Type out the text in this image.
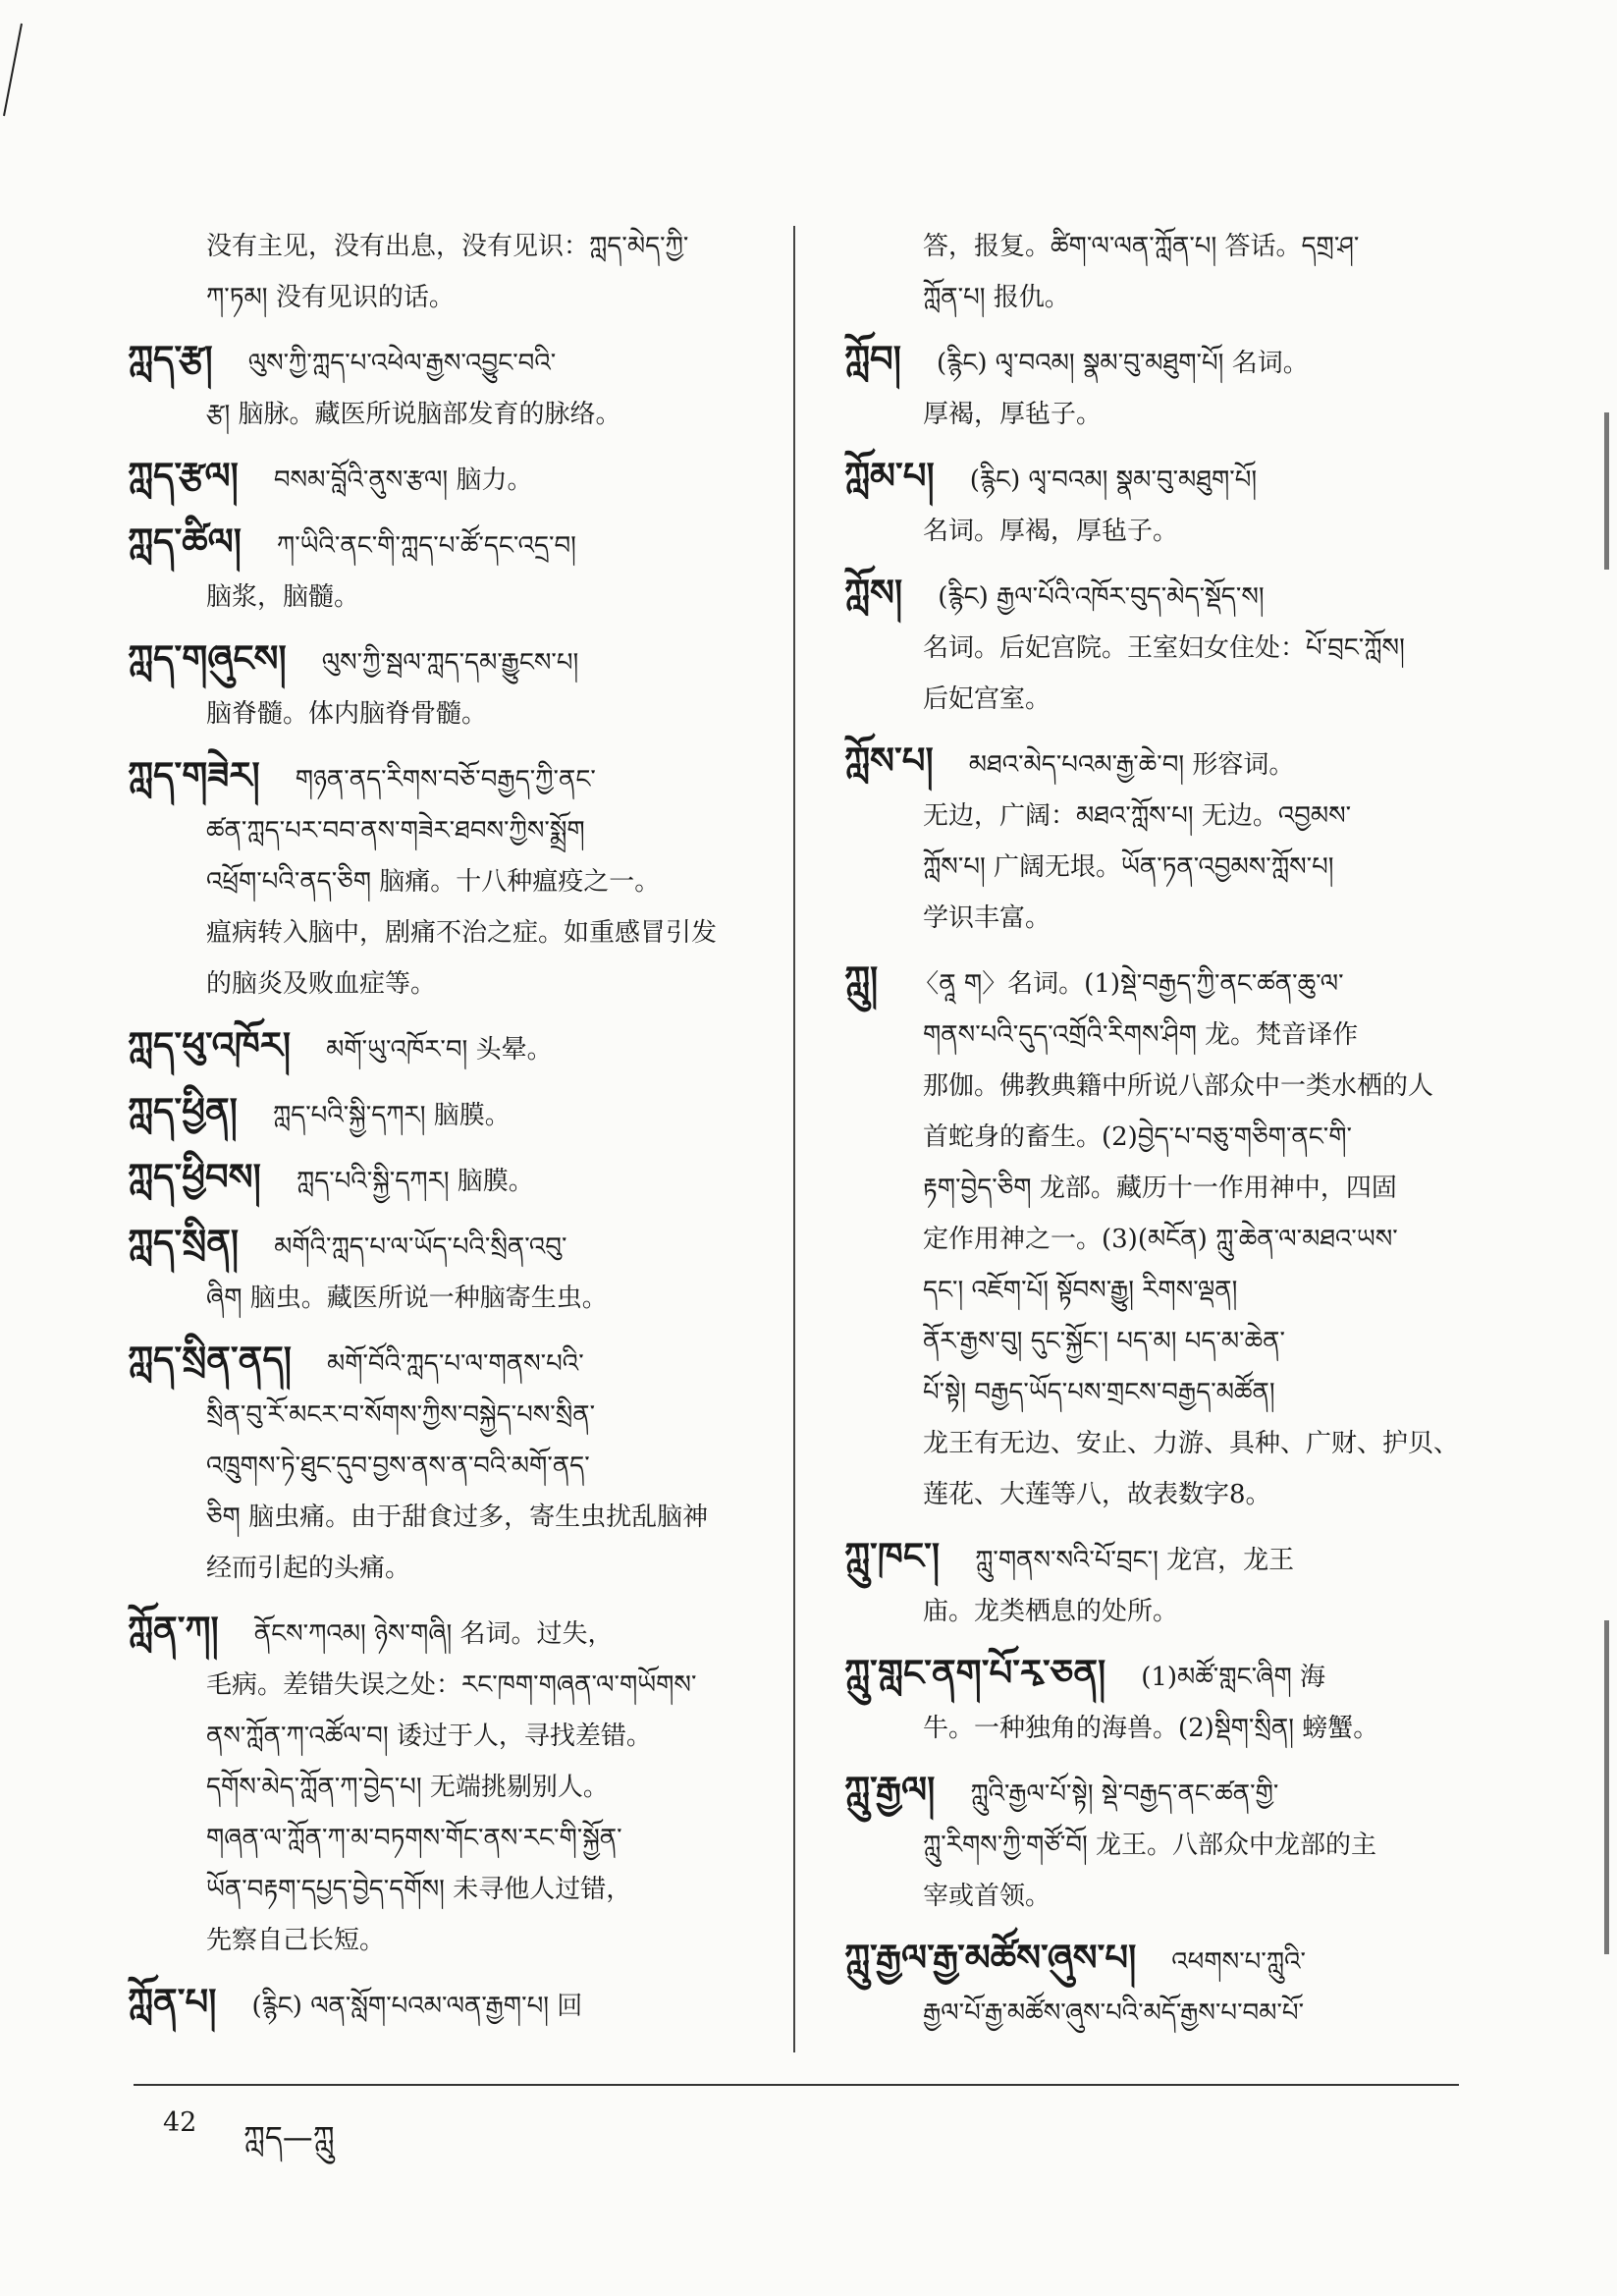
没有主见，没有出息，没有见识：ཀླད་མེད་ཀྱི་
ཀ་ཏམ། 没有见识的话。
ཀླད་རྩ། ལུས་ཀྱི་ཀླད་པ་འཕེལ་རྒྱས་འབྱུང་བའི་
རྩ། 脑脉。藏医所说脑部发育的脉络。
ཀླད་རྩལ། བསམ་བློའི་ནུས་རྩལ། 脑力。
ཀླད་ཚིལ། ཀ་ཡིའི་ནང་གི་ཀླད་པ་ཚོ་དང་འདྲ་བ།
脑浆，脑髓。
ཀླད་གཞུངས། ལུས་ཀྱི་སྦལ་ཀླད་དམ་རྒྱུངས་པ།
脑脊髓。体内脑脊骨髓。
ཀླད་གཟེར། གཉན་ནད་རིགས་བཅོ་བརྒྱད་ཀྱི་ནང་
ཚན་ཀླད་པར་བབ་ནས་གཟེར་ཐབས་ཀྱིས་སྨྲོག
འཕྲོག་པའི་ནད་ཅིག 脑痛。十八种瘟疫之一。
瘟病转入脑中，剧痛不治之症。如重感冒引发
的脑炎及败血症等。
ཀླད་ཕུ་འཁོར། མགོ་ཡུ་འཁོར་བ། 头晕。
ཀླད་ཕྱིན། ཀླད་པའི་སྐྱི་དཀར། 脑膜。
ཀླད་ཕྱིབས། ཀླད་པའི་སྐྱི་དཀར། 脑膜。
ཀླད་སྲིན། མགོའི་ཀླད་པ་ལ་ཡོད་པའི་སྲིན་འབུ་
ཞིག 脑虫。藏医所说一种脑寄生虫。
ཀླད་སྲིན་ནད། མགོ་བོའི་ཀླད་པ་ལ་གནས་པའི་
སྲིན་བུ་རོ་མངར་བ་སོགས་ཀྱིས་བསྐྱེད་པས་སྲིན་
འཁྲུགས་ཏེ་ཐུང་དུབ་བྱས་ནས་ན་བའི་མགོ་ནད་
ཅིག 脑虫痛。由于甜食过多，寄生虫扰乱脑神
经而引起的头痛。
ཀློན་ཀ། ནོངས་ཀའམ། ཉེས་གཞི། 名词。过失，
毛病。差错失误之处：རང་ཁག་གཞན་ལ་གཡོགས་
ནས་ཀློན་ཀ་འཚོལ་བ། 诿过于人，寻找差错。
དགོས་མེད་ཀློན་ཀ་བྱེད་པ། 无端挑剔别人。
གཞན་ལ་ཀློན་ཀ་མ་བཏགས་གོང་ནས་རང་གི་སྐྱོན་
ཡོན་བརྟག་དཔྱད་བྱེད་དགོས། 未寻他人过错，
先察自己长短。
ཀློན་པ། (རྙིང) ལན་སློག་པའམ་ལན་རྒྱག་པ། 回
答，报复。ཚིག་ལ་ལན་ཀློན་པ། 答话。དགྲ་ཤ་
ཀློན་པ། 报仇。
ཀློབ། (རྙིང) ལྭ་བའམ། སྣམ་བུ་མཐུག་པོ། 名词。
厚褐，厚毡子。
ཀློམ་པ། (རྙིང) ལྭ་བའམ། སྣམ་བུ་མཐུག་པོ།
名词。厚褐，厚毡子。
ཀློས། (རྙིང) རྒྱལ་པོའི་འཁོར་བུད་མེད་སྡོད་ས།
名词。后妃宫院。王室妇女住处：པོ་བྲང་ཀློས།
后妃宫室。
ཀློས་པ། མཐའ་མེད་པའམ་རྒྱ་ཆེ་བ། 形容词。
无边，广阔：མཐའ་ཀློས་པ། 无边。འབྱམས་
ཀློས་པ། 广阔无垠。ཡོན་ཏན་འབྱམས་ཀློས་པ།
学识丰富。
ཀླུ། 〈ནཱ ག〉名词。(1)སྡེ་བརྒྱད་ཀྱི་ནང་ཚན་ཆུ་ལ་
གནས་པའི་དུད་འགྲོའི་རིགས་ཤིག 龙。梵音译作
那伽。佛教典籍中所说八部众中一类水栖的人
首蛇身的畜生。(2)བྱེད་པ་བཅུ་གཅིག་ནང་གི་
རྟག་བྱེད་ཅིག 龙部。藏历十一作用神中，四固
定作用神之一。(3)(མངོན) ཀླུ་ཆེན་ལ་མཐའ་ཡས་
དང་། འཇོག་པོ། སྟོབས་རྒྱུ། རིགས་ལྡན།
ནོར་རྒྱས་བུ། དུང་སྐྱོང་། པད་མ། པད་མ་ཆེན་
པོ་སྟེ། བརྒྱད་ཡོད་པས་གྲངས་བརྒྱད་མཚོན།
龙王有无边、安止、力游、具种、广财、护贝、
莲花、大莲等八，故表数字8。
ཀླུ་ཁང་། ཀླུ་གནས་སའི་པོ་བྲང་། 龙宫，龙王
庙。龙类栖息的处所。
ཀླུ་གླང་ནག་པོ་རྭ་ཅན། (1)མཚོ་གླང་ཞིག 海
牛。一种独角的海兽。(2)སྡིག་སྲིན། 螃蟹。
ཀླུ་རྒྱལ། ཀླུའི་རྒྱལ་པོ་སྟེ། སྡེ་བརྒྱད་ནང་ཚན་གྱི་
ཀླུ་རིགས་ཀྱི་གཙོ་བོ། 龙王。八部众中龙部的主
宰或首领。
ཀླུ་རྒྱལ་རྒྱ་མཚོས་ཞུས་པ། འཕགས་པ་ཀླུའི་
རྒྱལ་པོ་རྒྱ་མཚོས་ཞུས་པའི་མདོ་རྒྱས་པ་བམ་པོ་
42 ཀླད—ཀླུ
